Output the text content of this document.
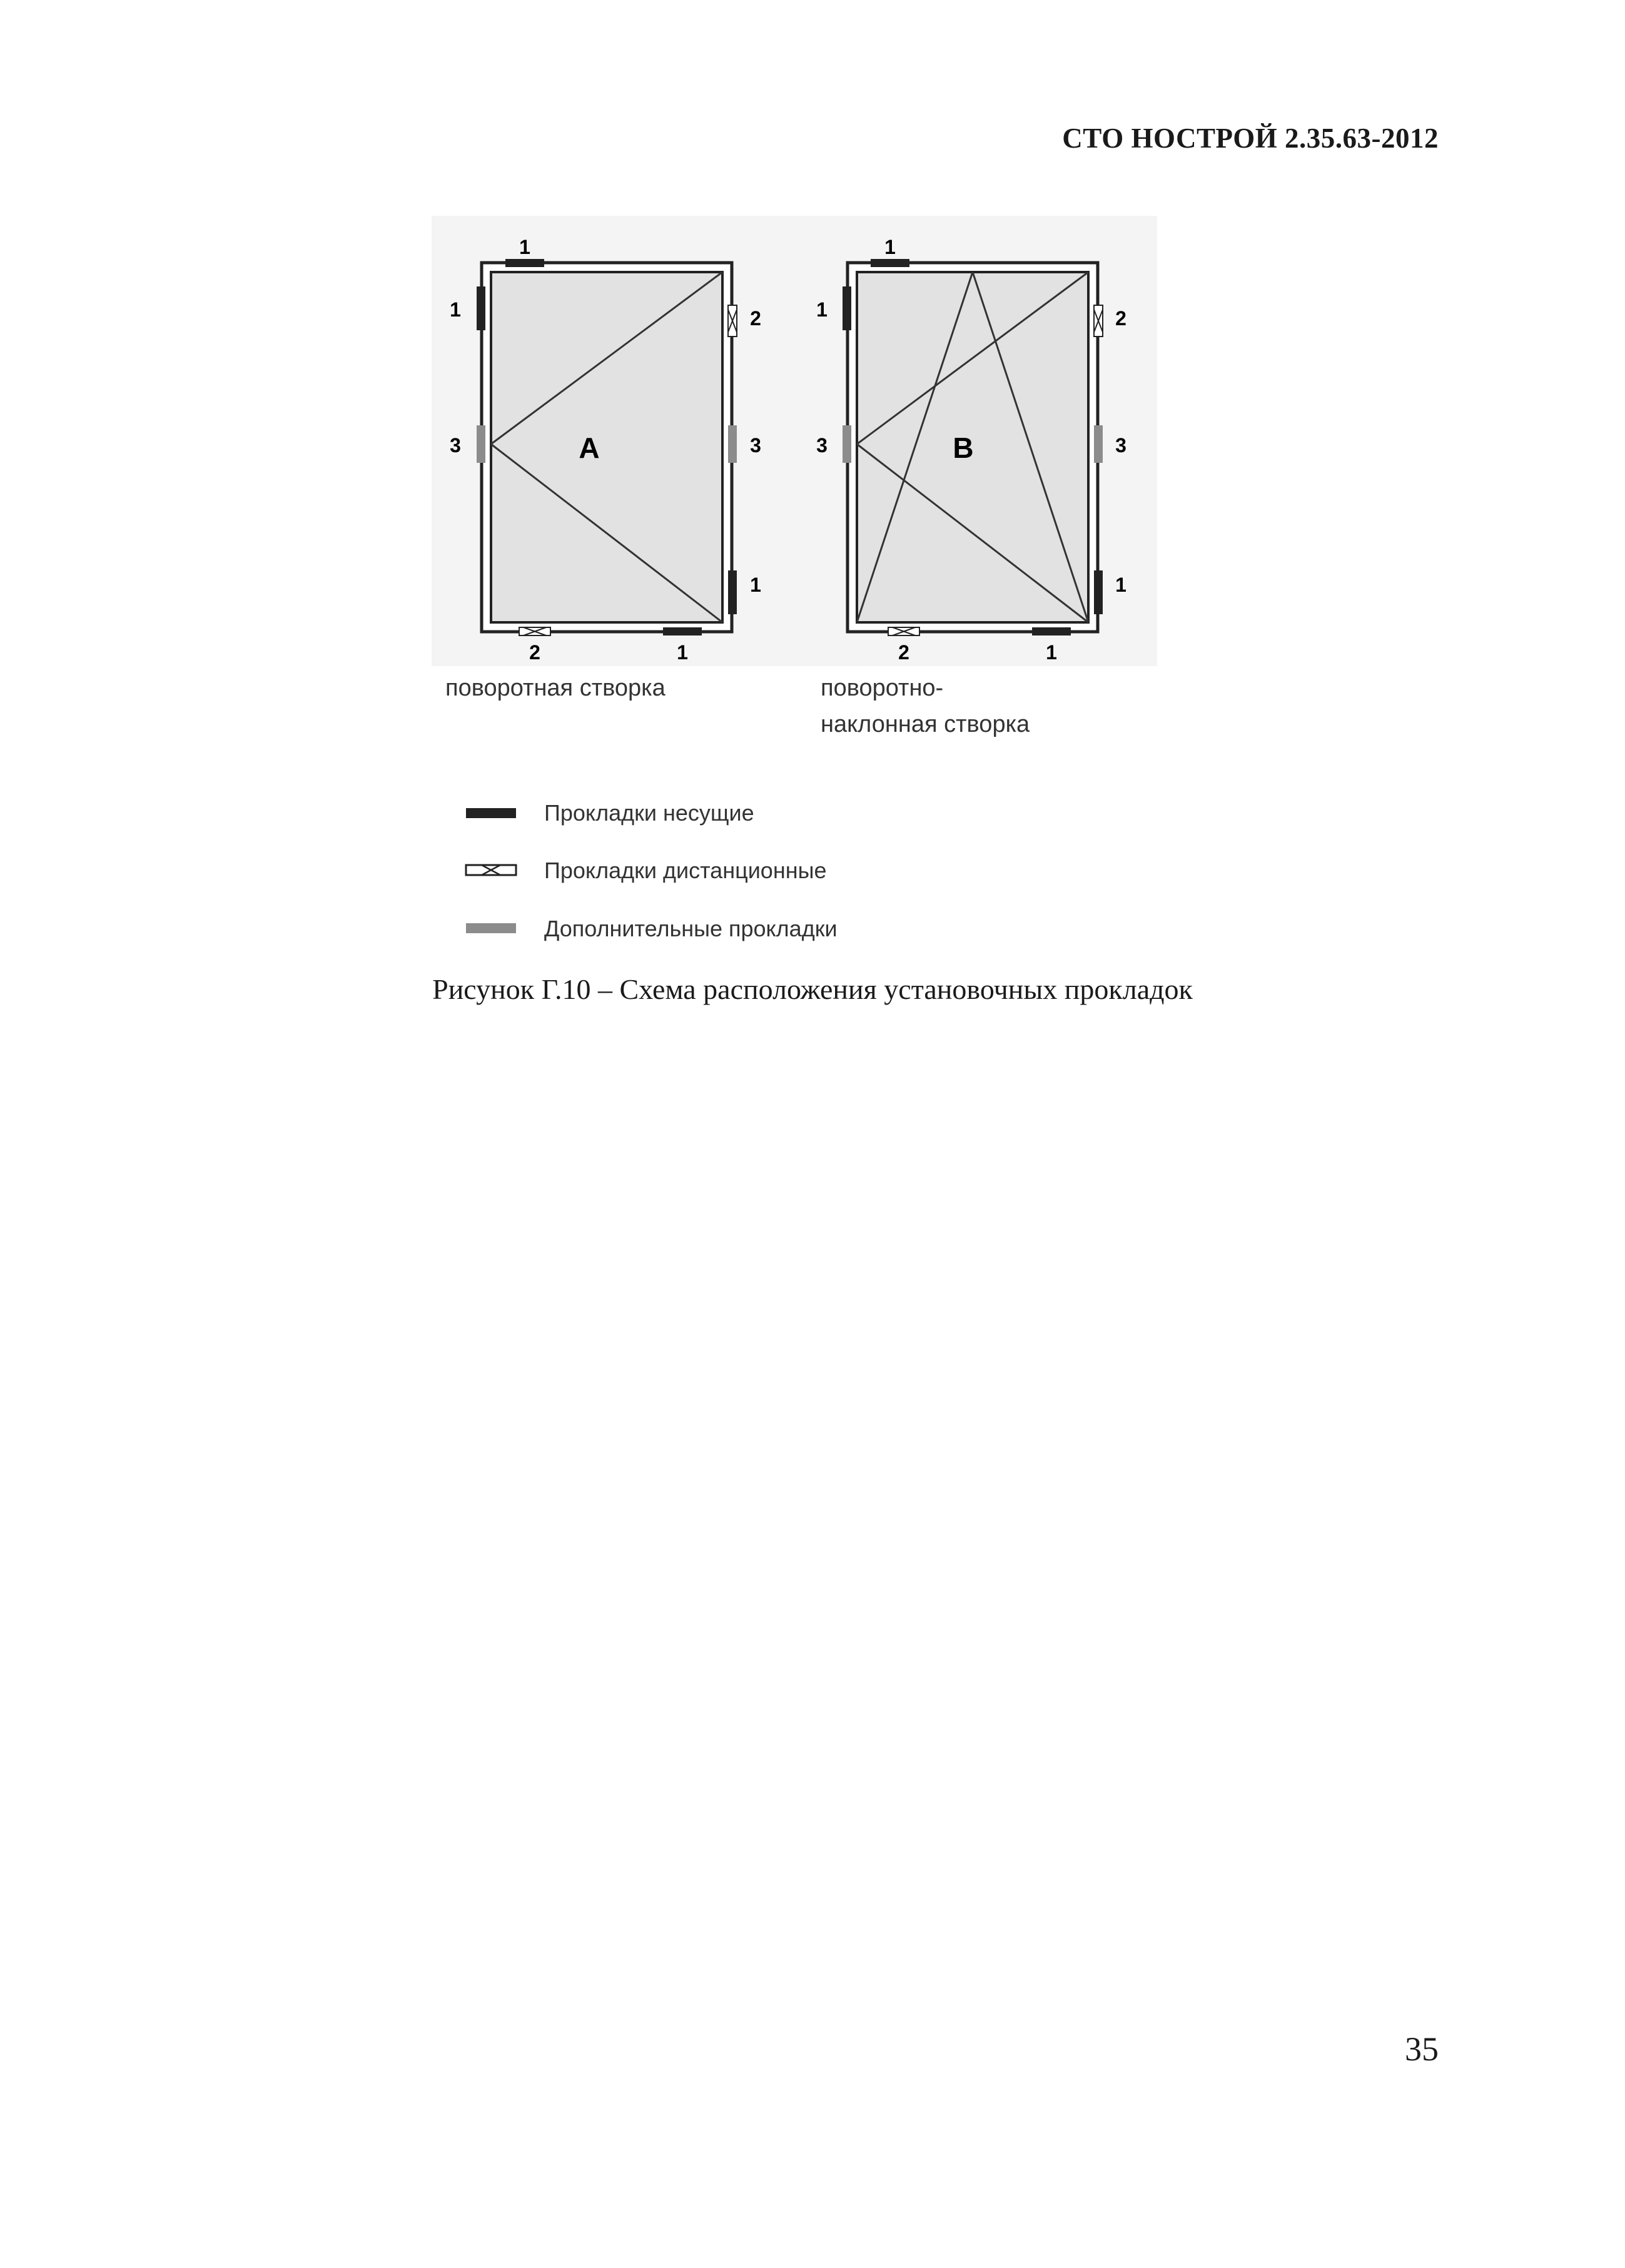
СТО НОСТРОЙ 2.35.63-2012
1
1	2
3	3
1
2	1
А
поворотная створка
1
1	2
3	3
1
2	1
B
поворотно-
наклонная створка
Прокладки несущие
Прокладки дистанционные
Дополнительные прокладки
Рисунок Г.10 – Схема расположения установочных прокладок
35
